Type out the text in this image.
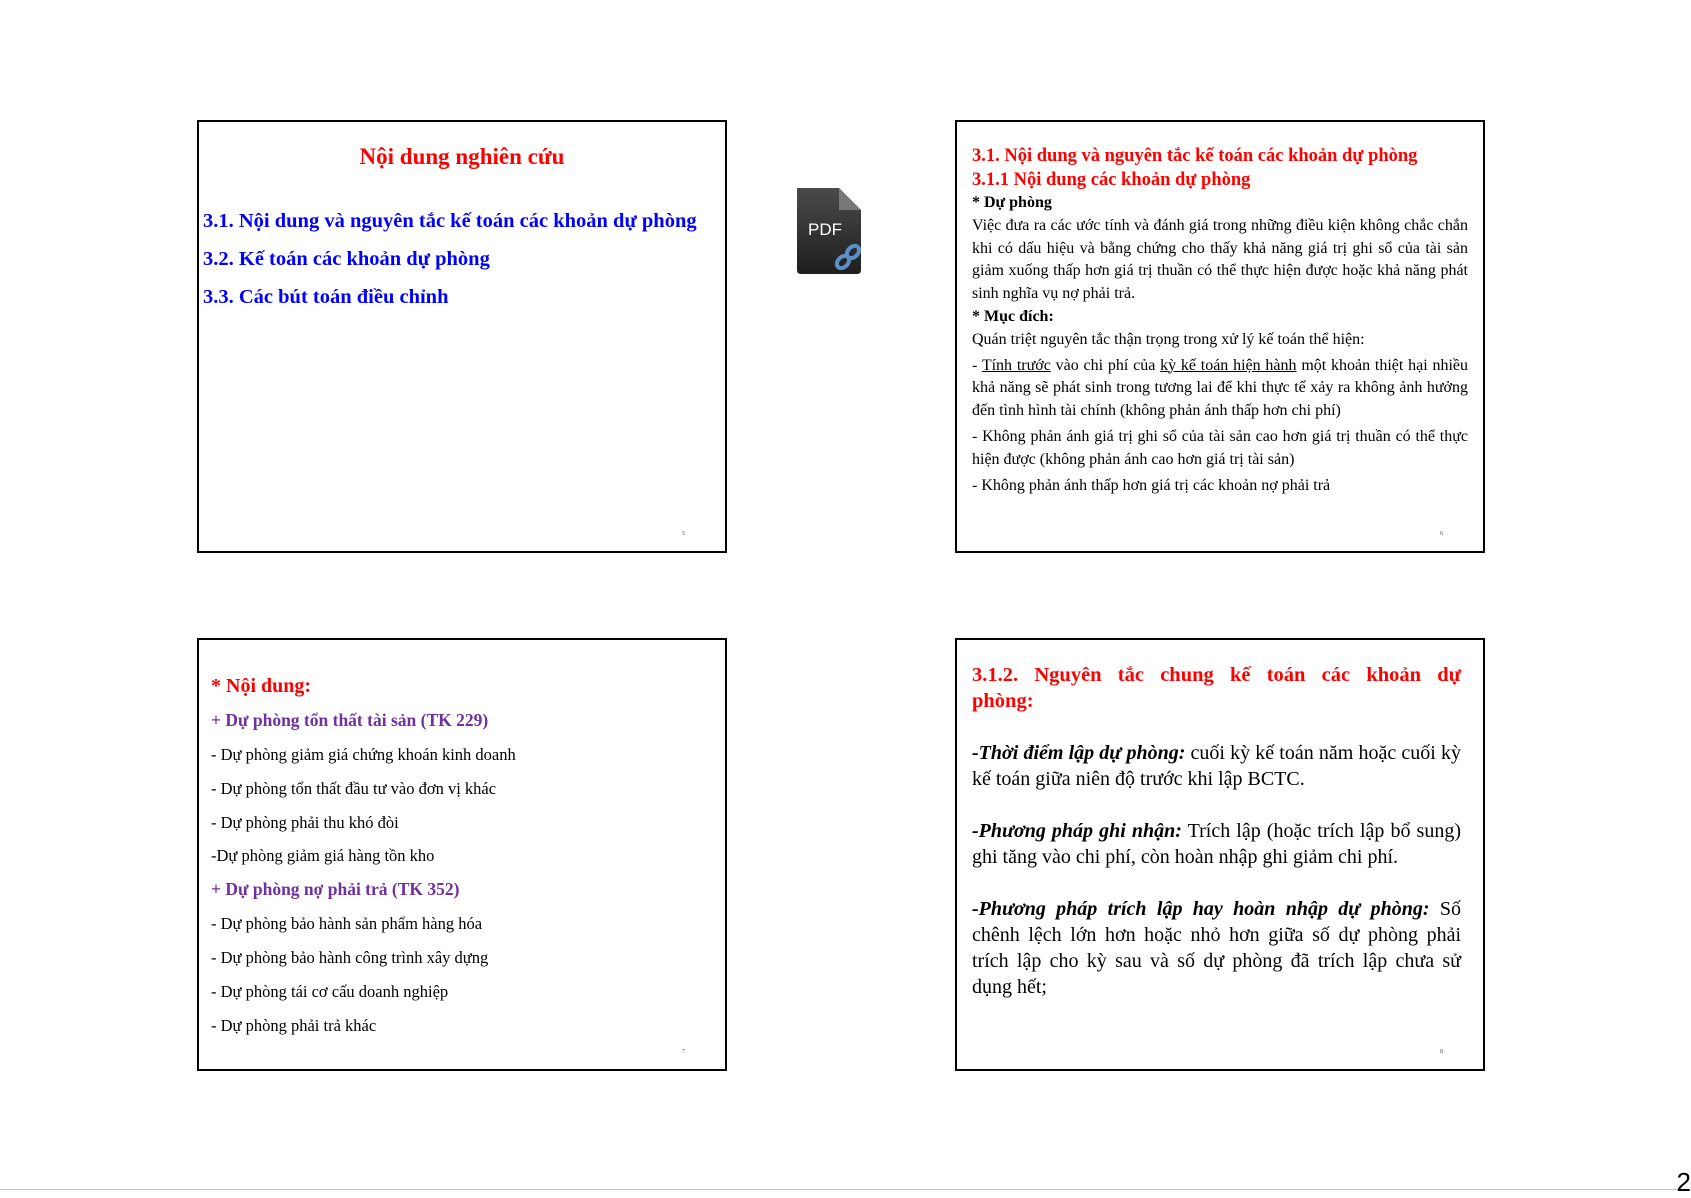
Nội dung nghiên cứu
3.1. Nội dung và nguyên tắc kế toán các khoản dự phòng
3.2. Kế toán các khoản dự phòng
3.3. Các bút toán điều chỉnh
5
PDF
3.1. Nội dung và nguyên tắc kế toán các khoản dự phòng
3.1.1 Nội dung các khoản dự phòng
* Dự phòng
Việc đưa ra các ước tính và đánh giá trong những điều kiện không chắc chắn khi có dấu hiệu và bằng chứng cho thấy khả năng giá trị ghi sổ của tài sản giảm xuống thấp hơn giá trị thuần có thể thực hiện được hoặc khả năng phát sinh nghĩa vụ nợ phải trả.
* Mục đích:
Quán triệt nguyên tắc thận trọng trong xử lý kế toán thể hiện:
- Tính trước vào chi phí của kỳ kế toán hiện hành một khoản thiệt hại nhiều khả năng sẽ phát sinh trong tương lai để khi thực tế xảy ra không ảnh hưởng đến tình hình tài chính (không phản ánh thấp hơn chi phí)
- Không phản ánh giá trị ghi sổ của tài sản cao hơn giá trị thuần có thể thực hiện được (không phản ánh cao hơn giá trị tài sản)
- Không phản ánh thấp hơn giá trị các khoản nợ phải trả
6
* Nội dung:
+ Dự phòng tổn thất tài sản (TK 229)
- Dự phòng giảm giá chứng khoán kinh doanh
- Dự phòng tổn thất đầu tư vào đơn vị khác
- Dự phòng phải thu khó đòi
-Dự phòng giảm giá hàng tồn kho
+ Dự phòng nợ phải trả (TK 352)
- Dự phòng bảo hành sản phẩm hàng hóa
- Dự phòng bảo hành công trình xây dựng
- Dự phòng tái cơ cấu doanh nghiệp
- Dự phòng phải trả khác
7
3.1.2. Nguyên tắc chung kế toán các khoản dự
phòng:

-Thời điểm lập dự phòng: cuối kỳ kế toán năm hoặc cuối kỳ kế toán giữa niên độ trước khi lập BCTC.

-Phương pháp ghi nhận: Trích lập (hoặc trích lập bổ sung) ghi tăng vào chi phí, còn hoàn nhập ghi giảm chi phí.

-Phương pháp trích lập hay hoàn nhập dự phòng: Số chênh lệch lớn hơn hoặc nhỏ hơn giữa số dự phòng phải trích lập cho kỳ sau và số dự phòng đã trích lập chưa sử dụng hết;

8
2
